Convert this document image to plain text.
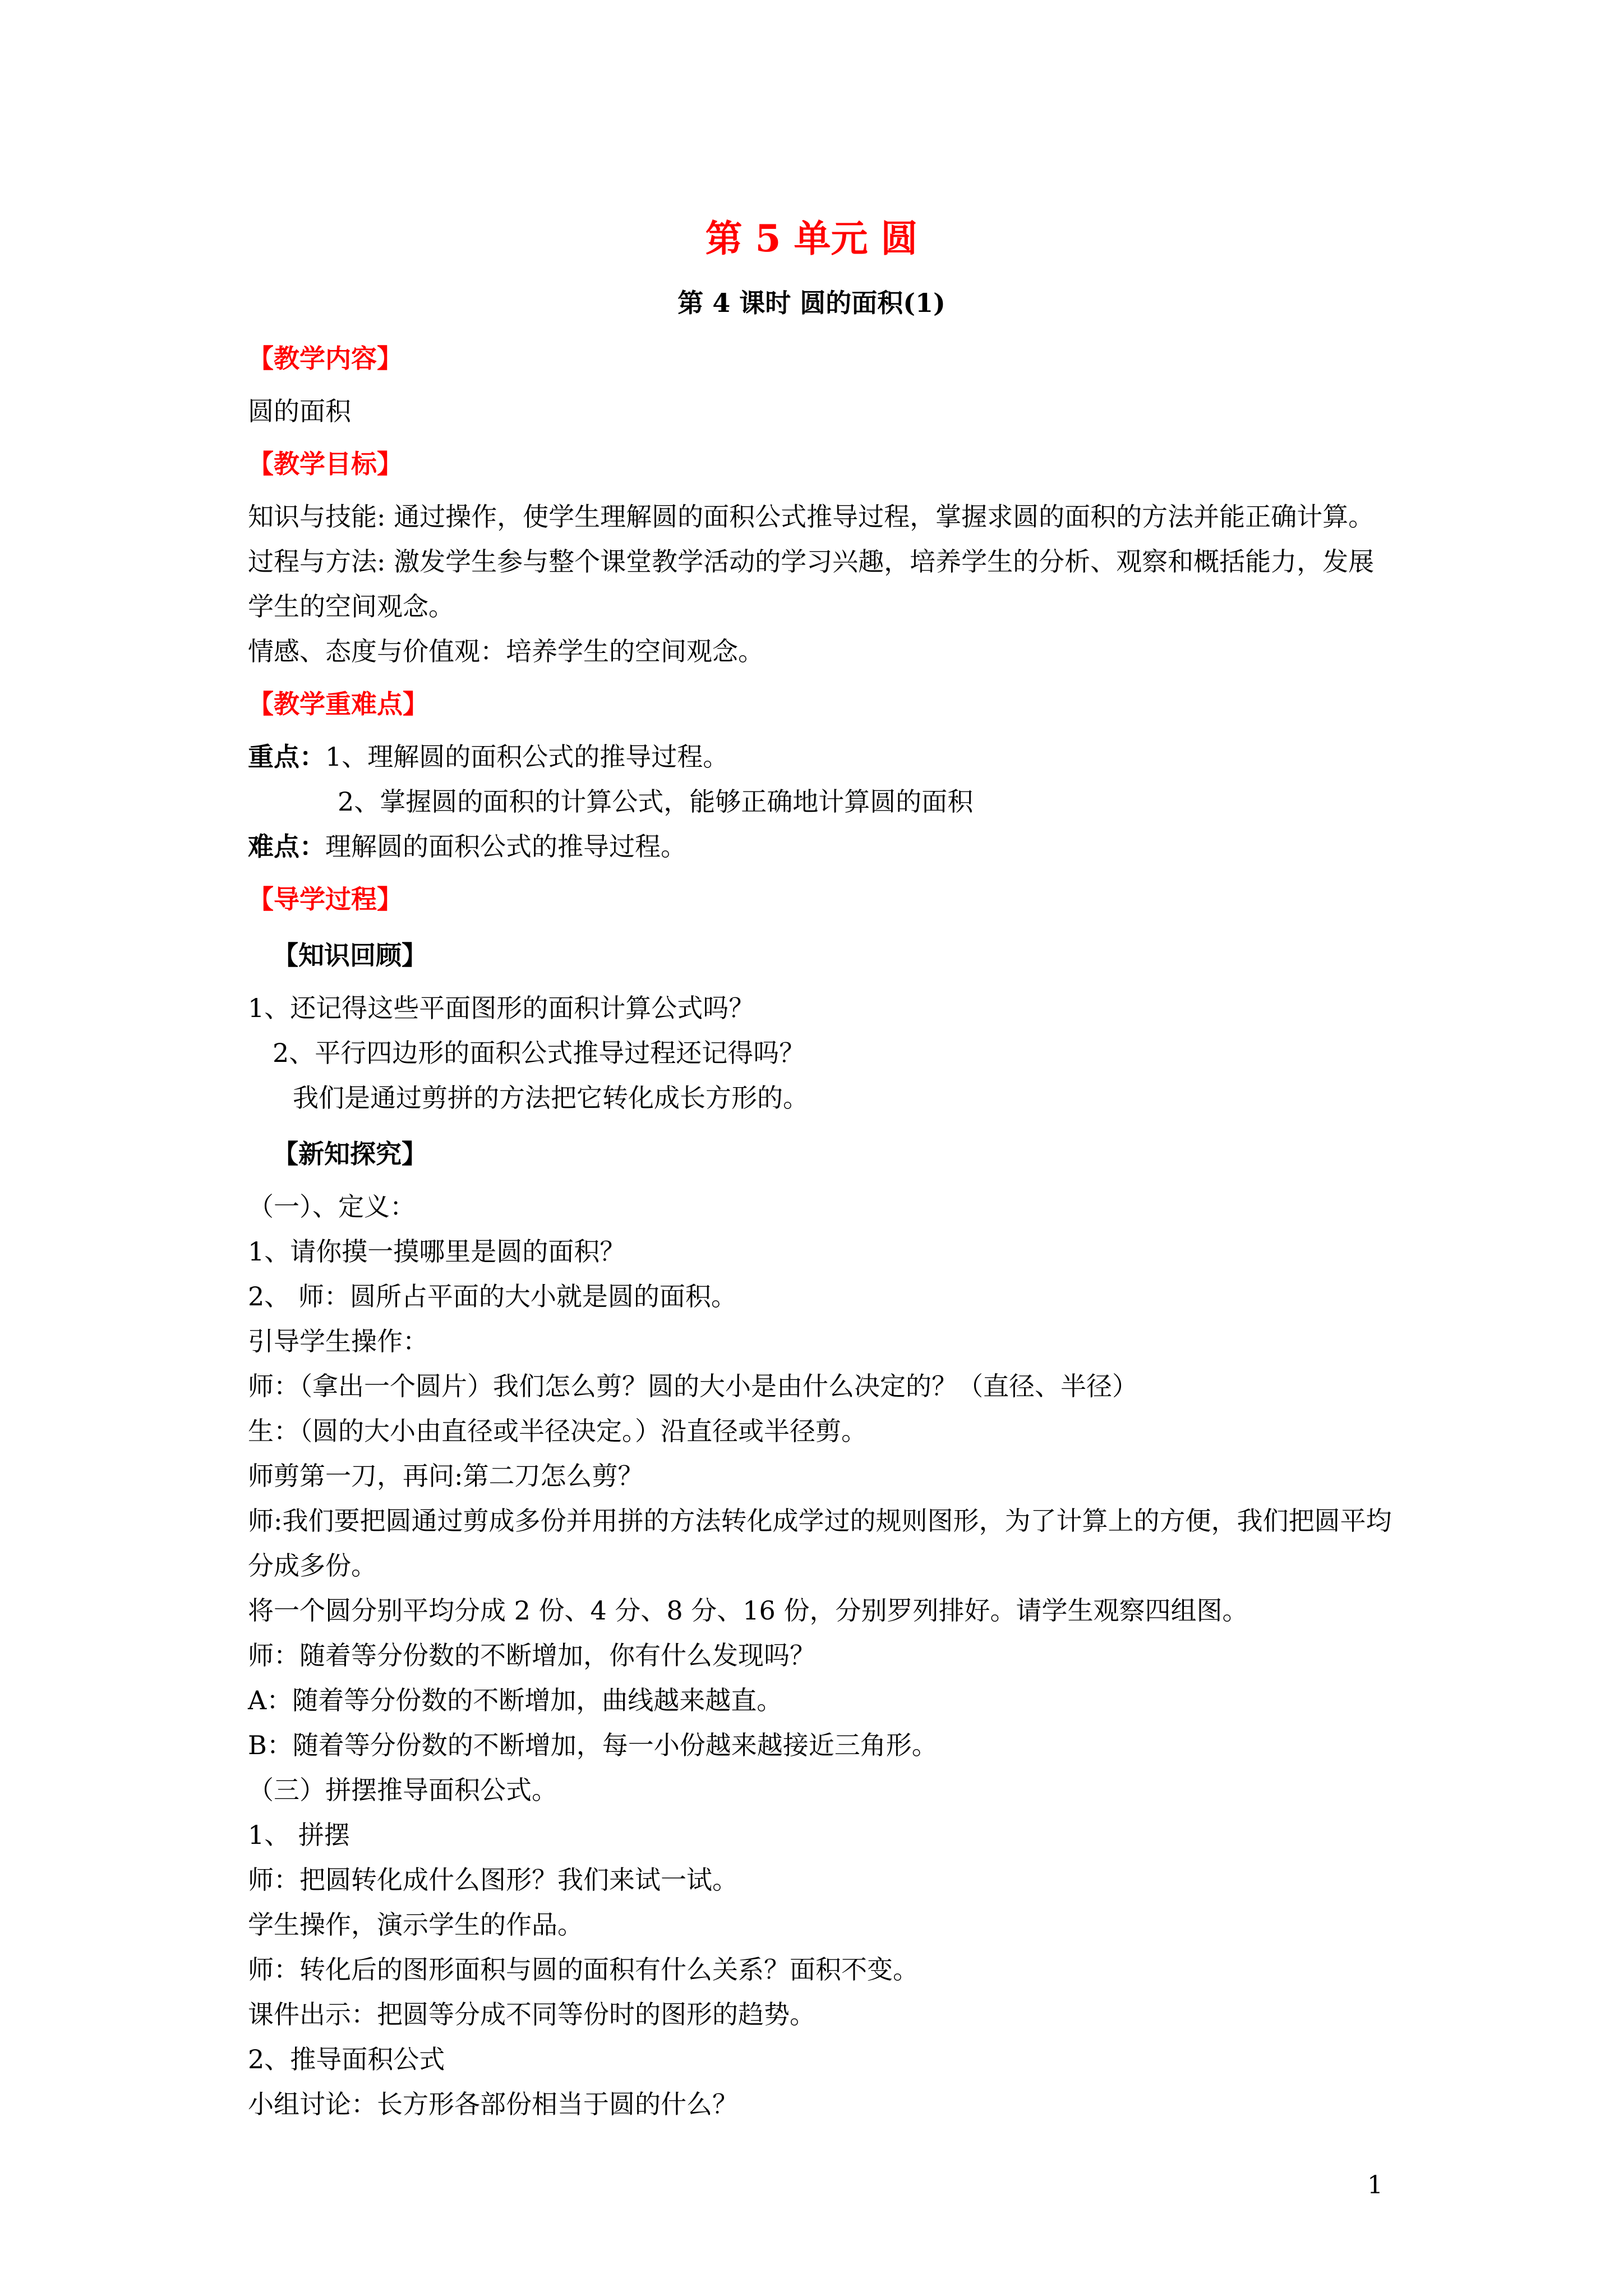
第 5 单元 圆
第 4 课时 圆的面积(1)

【教学内容】

圆的面积

【教学目标】

知识与技能: 通过操作，使学生理解圆的面积公式推导过程，掌握求圆的面积的方法并能正确计算。

过程与方法: 激发学生参与整个课堂教学活动的学习兴趣，培养学生的分析、观察和概括能力，发展学生的空间观念。

情感、态度与价值观：培养学生的空间观念。

【教学重难点】

重点：1、理解圆的面积公式的推导过程。

2、掌握圆的面积的计算公式，能够正确地计算圆的面积

难点：理解圆的面积公式的推导过程。

【导学过程】

【知识回顾】

1、还记得这些平面图形的面积计算公式吗？

2、平行四边形的面积公式推导过程还记得吗？

我们是通过剪拼的方法把它转化成长方形的。

【新知探究】

（一）、定义：

1、请你摸一摸哪里是圆的面积？

2、 师：圆所占平面的大小就是圆的面积。

引导学生操作：

师：（拿出一个圆片）我们怎么剪？圆的大小是由什么决定的？（直径、半径）

生：（圆的大小由直径或半径决定。）沿直径或半径剪。

师剪第一刀，再问:第二刀怎么剪？

师:我们要把圆通过剪成多份并用拼的方法转化成学过的规则图形，为了计算上的方便，我们把圆平均分成多份。

将一个圆分别平均分成 2 份、4 分、8 分、16 份，分别罗列排好。请学生观察四组图。

师：随着等分份数的不断增加，你有什么发现吗？

A：随着等分份数的不断增加，曲线越来越直。

B：随着等分份数的不断增加，每一小份越来越接近三角形。

（三）拼摆推导面积公式。

1、 拼摆

师：把圆转化成什么图形？我们来试一试。

学生操作，演示学生的作品。

师：转化后的图形面积与圆的面积有什么关系？面积不变。

课件出示：把圆等分成不同等份时的图形的趋势。

2、推导面积公式

小组讨论：长方形各部份相当于圆的什么？

1
